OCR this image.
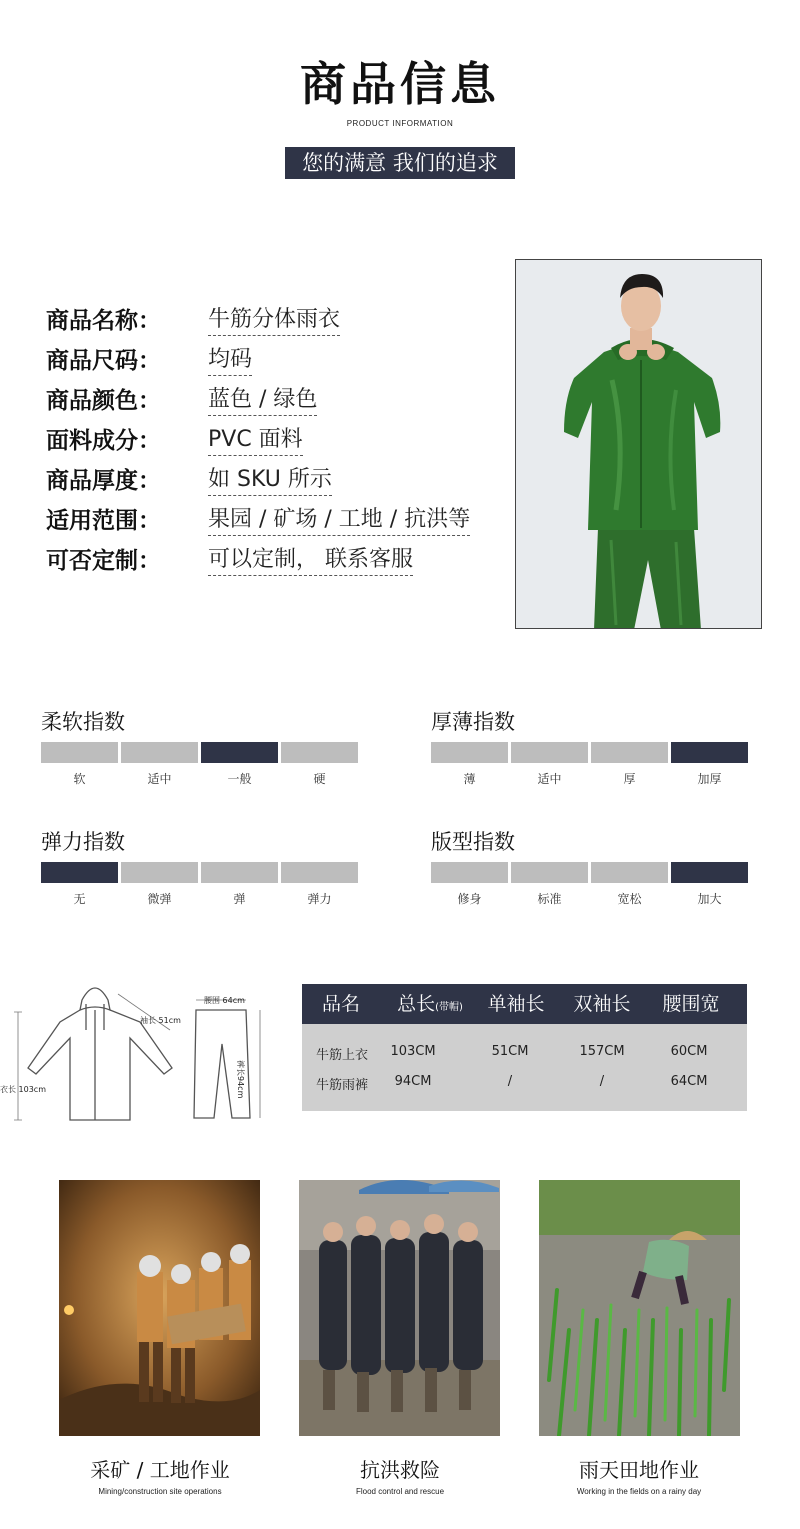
商品信息
PRODUCT INFORMATION
您的满意 我们的追求
商品名称： 牛筋分体雨衣
商品尺码： 均码
商品颜色： 蓝色 / 绿色
面料成分： PVC 面料
商品厚度： 如 SKU 所示
适用范围： 果园 / 矿场 / 工地 / 抗洪等
可否定制： 可以定制， 联系客服
柔软指数
软	适中	一般	硬
厚薄指数
薄	适中	厚	加厚
弹力指数
无	微弹	弹	弹力
版型指数
修身	标准	宽松	加大
袖长 51cm
衣长 103cm
腰围 64cm
裤长94cm
品名	总长(带帽)	单袖长	双袖长	腰围宽
牛筋上衣	103CM	51CM	157CM	60CM
牛筋雨裤	94CM	/	/	64CM
采矿 / 工地作业
Mining/construction site operations
抗洪救险
Flood control and rescue
雨天田地作业
Working in the fields on a rainy day
